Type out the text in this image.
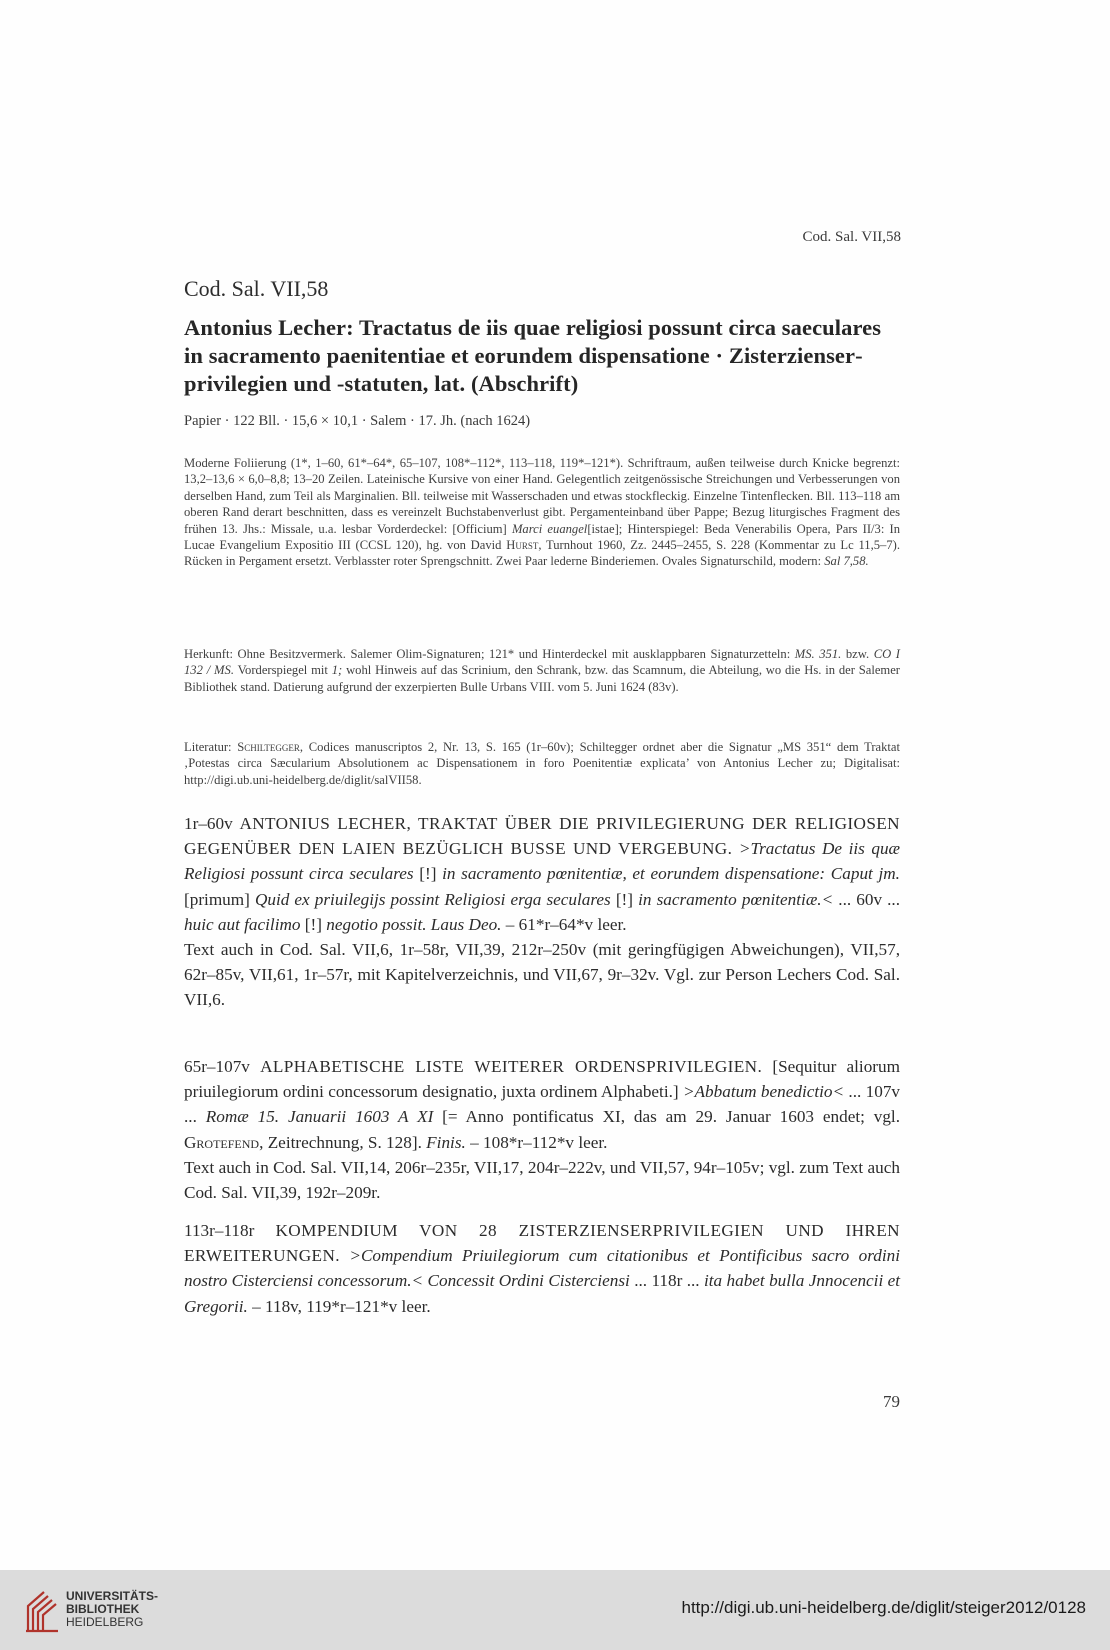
Cod. Sal. VII,58
Cod. Sal. VII,58
Antonius Lecher: Tractatus de iis quae religiosi possunt circa saeculares in sacramento paenitentiae et eorundem dispensatione · Zisterzienserprivilegien und -statuten, lat. (Abschrift)
Papier · 122 Bll. · 15,6 × 10,1 · Salem · 17. Jh. (nach 1624)
Moderne Foliierung (1*, 1–60, 61*–64*, 65–107, 108*–112*, 113–118, 119*–121*). Schriftraum, außen teilweise durch Knicke begrenzt: 13,2–13,6 × 6,0–8,8; 13–20 Zeilen. Lateinische Kursive von einer Hand. Gelegentlich zeitgenössische Streichungen und Verbesserungen von derselben Hand, zum Teil als Marginalien. Bll. teilweise mit Wasserschaden und etwas stockfleckig. Einzelne Tintenflecken. Bll. 113–118 am oberen Rand derart beschnitten, dass es vereinzelt Buchstabenverlust gibt. Pergamenteinband über Pappe; Bezug liturgisches Fragment des frühen 13. Jhs.: Missale, u.a. lesbar Vorderdeckel: [Officium] Marci euangel[istae]; Hinterspiegel: Beda Venerabilis Opera, Pars II/3: In Lucae Evangelium Expositio III (CCSL 120), hg. von David Hurst, Turnhout 1960, Zz. 2445–2455, S. 228 (Kommentar zu Lc 11,5–7). Rücken in Pergament ersetzt. Verblasster roter Sprengschnitt. Zwei Paar lederne Binderiemen. Ovales Signaturschild, modern: Sal 7,58.
Herkunft: Ohne Besitzvermerk. Salemer Olim-Signaturen; 121* und Hinterdeckel mit ausklappbaren Signaturzetteln: MS. 351. bzw. CO I 132 / MS. Vorderspiegel mit 1; wohl Hinweis auf das Scrinium, den Schrank, bzw. das Scamnum, die Abteilung, wo die Hs. in der Salemer Bibliothek stand. Datierung aufgrund der exzerpierten Bulle Urbans VIII. vom 5. Juni 1624 (83v).
Literatur: Schiltegger, Codices manuscriptos 2, Nr. 13, S. 165 (1r–60v); Schiltegger ordnet aber die Signatur „MS 351“ dem Traktat ‚Potestas circa Sæcularium Absolutionem ac Dispensationem in foro Poenitentiæ explicata’ von Antonius Lecher zu; Digitalisat: http://digi.ub.uni-heidelberg.de/diglit/salVII58.

1r–60v ANTONIUS LECHER, TRAKTAT ÜBER DIE PRIVILEGIERUNG DER RELIGIOSEN GEGENÜBER DEN LAIEN BEZÜGLICH BUSSE UND VERGEBUNG. >Tractatus De iis quæ Religiosi possunt circa seculares [!] in sacramento pœnitentiæ, et eorundem dispensatione: Caput jm. [primum] Quid ex priuilegijs possint Religiosi erga seculares [!] in sacramento pœnitentiæ.< ... 60v ... huic aut facilimo [!] negotio possit. Laus Deo. – 61*r–64*v leer.

Text auch in Cod. Sal. VII,6, 1r–58r, VII,39, 212r–250v (mit geringfügigen Abweichungen), VII,57, 62r–85v, VII,61, 1r–57r, mit Kapitelverzeichnis, und VII,67, 9r–32v. Vgl. zur Person Lechers Cod. Sal. VII,6.

65r–107v ALPHABETISCHE LISTE WEITERER ORDENSPRIVILEGIEN. [Sequitur aliorum priuilegiorum ordini concessorum designatio, juxta ordinem Alphabeti.] >Abbatum benedictio< ... 107v ... Romæ 15. Januarii 1603 A XI [= Anno pontificatus XI, das am 29. Januar 1603 endet; vgl. Grotefend, Zeitrechnung, S. 128]. Finis. – 108*r–112*v leer.

Text auch in Cod. Sal. VII,14, 206r–235r, VII,17, 204r–222v, und VII,57, 94r–105v; vgl. zum Text auch Cod. Sal. VII,39, 192r–209r.

113r–118r KOMPENDIUM VON 28 ZISTERZIENSERPRIVILEGIEN UND IHREN ERWEITERUNGEN. >Compendium Priuilegiorum cum citationibus et Pontificibus sacro ordini nostro Cisterciensi concessorum.< Concessit Ordini Cisterciensi ... 118r ... ita habet bulla Jnnocencii et Gregorii. – 118v, 119*r–121*v leer.

79
UNIVERSITÄTS-
BIBLIOTHEK
HEIDELBERG
http://digi.ub.uni-heidelberg.de/diglit/steiger2012/0128
